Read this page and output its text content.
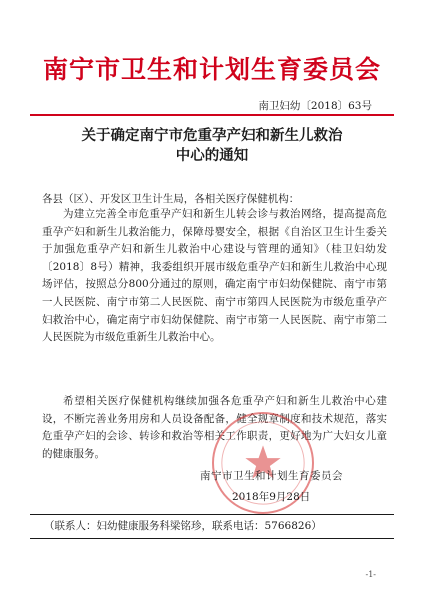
南宁市卫生和计划生育委员会
南卫妇幼〔2018〕63号
关于确定南宁市危重孕产妇和新生儿救治
中心的通知
各县（区）、开发区卫生计生局，各相关医疗保健机构：

为建立完善全市危重孕产妇和新生儿转会诊与救治网络，提高提高危重孕产妇和新生儿救治能力，保障母婴安全，根据《自治区卫生计生委关于加强危重孕产妇和新生儿救治中心建设与管理的通知》（桂卫妇幼发〔2018〕8号）精神，我委组织开展市级危重孕产妇和新生儿救治中心现场评估，按照总分800分通过的原则，确定南宁市妇幼保健院、南宁市第一人民医院、南宁市第二人民医院、南宁市第四人民医院为市级危重孕产妇救治中心，确定南宁市妇幼保健院、南宁市第一人民医院、南宁市第二人民医院为市级危重新生儿救治中心。

希望相关医疗保健机构继续加强各危重孕产妇和新生儿救治中心建设，不断完善业务用房和人员设备配备，健全规章制度和技术规范，落实危重孕产妇的会诊、转诊和救治等相关工作职责，更好地为广大妇女儿童的健康服务。

南宁市卫生和计划生育委员会
2018年9月28日
（联系人：妇幼健康服务科梁铭珍，联系电话：5766826）
-1-
